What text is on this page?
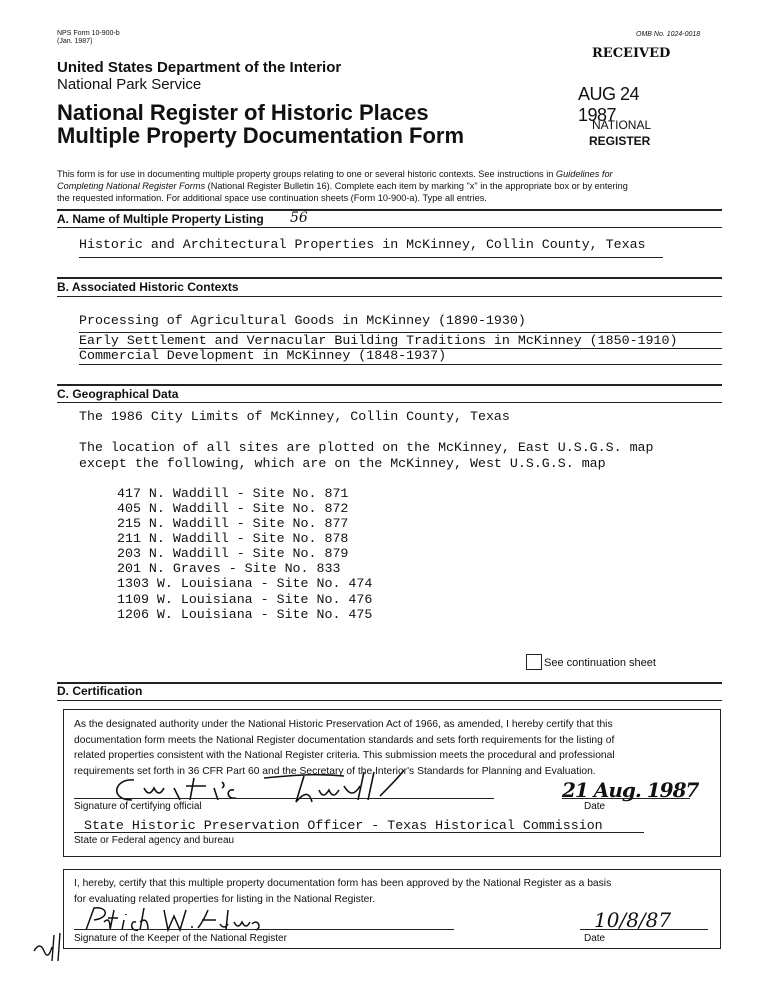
NPS Form 10-900-b
(Jan. 1987)
OMB No. 1024-0018
United States Department of the Interior
National Park Service
National Register of Historic Places
Multiple Property Documentation Form
RECEIVED
AUG 24 1987
NATIONAL
REGISTER
This form is for use in documenting multiple property groups relating to one or several historic contexts. See instructions in Guidelines for
Completing National Register Forms (National Register Bulletin 16). Complete each item by marking "x" in the appropriate box or by entering
the requested information. For additional space use continuation sheets (Form 10-900-a). Type all entries.
A. Name of Multiple Property Listing 56
Historic and Architectural Properties in McKinney, Collin County, Texas
B. Associated Historic Contexts
Processing of Agricultural Goods in McKinney (1890-1930)
Early Settlement and Vernacular Building Traditions in McKinney (1850-1910)
Commercial Development in McKinney (1848-1937)
C. Geographical Data
The 1986 City Limits of McKinney, Collin County, Texas
The location of all sites are plotted on the McKinney, East U.S.G.S. map
except the following, which are on the McKinney, West U.S.G.S. map
417 N. Waddill - Site No. 871
405 N. Waddill - Site No. 872
215 N. Waddill - Site No. 877
211 N. Waddill - Site No. 878
203 N. Waddill - Site No. 879
201 N. Graves - Site No. 833
1303 W. Louisiana - Site No. 474
1109 W. Louisiana - Site No. 476
1206 W. Louisiana - Site No. 475
See continuation sheet
D. Certification
As the designated authority under the National Historic Preservation Act of 1966, as amended, I hereby certify that this
documentation form meets the National Register documentation standards and sets forth requirements for the listing of
related properties consistent with the National Register criteria. This submission meets the procedural and professional
requirements set forth in 36 CFR Part 60 and the Secretary of the Interior's Standards for Planning and Evaluation.
Signature of certifying official
21 Aug. 1987
Date
State Historic Preservation Officer - Texas Historical Commission
State or Federal agency and bureau
I, hereby, certify that this multiple property documentation form has been approved by the National Register as a basis
for evaluating related properties for listing in the National Register.
Signature of the Keeper of the National Register
10/8/87
Date
